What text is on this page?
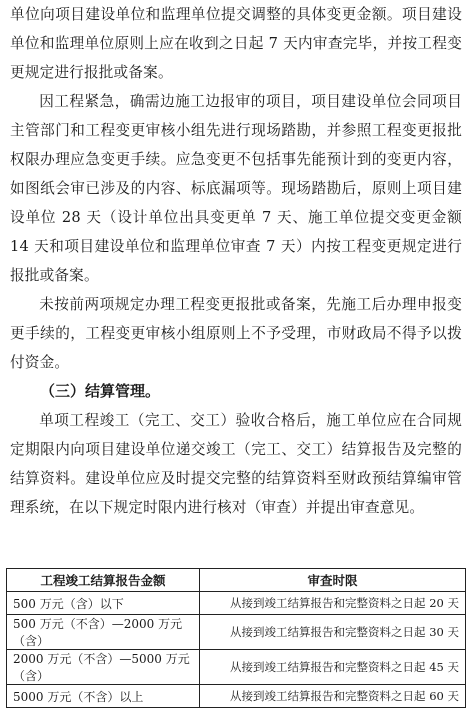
单位向项目建设单位和监理单位提交调整的具体变更金额。项目建设单位和监理单位原则上应在收到之日起 7 天内审查完毕，并按工程变更规定进行报批或备案。

因工程紧急，确需边施工边报审的项目，项目建设单位会同项目主管部门和工程变更审核小组先进行现场踏勘，并参照工程变更报批权限办理应急变更手续。应急变更不包括事先能预计到的变更内容，如图纸会审已涉及的内容、标底漏项等。现场踏勘后，原则上项目建设单位 28 天（设计单位出具变更单 7 天、施工单位提交变更金额 14 天和项目建设单位和监理单位审查 7 天）内按工程变更规定进行报批或备案。

未按前两项规定办理工程变更报批或备案，先施工后办理申报变更手续的，工程变更审核小组原则上不予受理，市财政局不得予以拨付资金。

（三）结算管理。

单项工程竣工（完工、交工）验收合格后，施工单位应在合同规定期限内向项目建设单位递交竣工（完工、交工）结算报告及完整的结算资料。建设单位应及时提交完整的结算资料至财政预结算编审管理系统，在以下规定时限内进行核对（审查）并提出审查意见。

工程竣工结算报告金额	审查时限
500 万元（含）以下	从接到竣工结算报告和完整资料之日起 20 天
500 万元（不含）—2000 万元（含）	从接到竣工结算报告和完整资料之日起 30 天
2000 万元（不含）—5000 万元（含）	从接到竣工结算报告和完整资料之日起 45 天
5000 万元（不含）以上	从接到竣工结算报告和完整资料之日起 60 天
